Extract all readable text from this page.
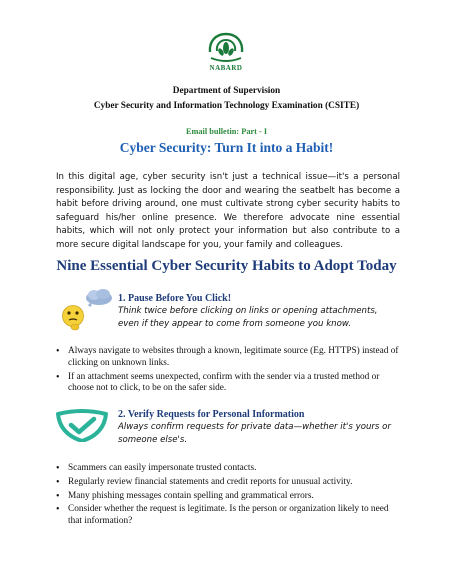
NABARD
Department of Supervision
Cyber Security and Information Technology Examination (CSITE)
Email bulletin: Part - I
Cyber Security: Turn It into a Habit!

In this digital age, cyber security isn't just a technical issue—it's a personal responsibility. Just as locking the door and wearing the seatbelt has become a habit before driving around, one must cultivate strong cyber security habits to safeguard his/her online presence. We therefore advocate nine essential habits, which will not only protect your information but also contribute to a more secure digital landscape for you, your family and colleagues.

Nine Essential Cyber Security Habits to Adopt Today
1. Pause Before You Click!
Think twice before clicking on links or opening attachments, even if they appear to come from someone you know.
• Always navigate to websites through a known, legitimate source (Eg. HTTPS) instead of clicking on unknown links.
• If an attachment seems unexpected, confirm with the sender via a trusted method or choose not to click, to be on the safer side.
2. Verify Requests for Personal Information
Always confirm requests for private data—whether it's yours or someone else's.
• Scammers can easily impersonate trusted contacts.
• Regularly review financial statements and credit reports for unusual activity.
• Many phishing messages contain spelling and grammatical errors.
• Consider whether the request is legitimate. Is the person or organization likely to need that information?
